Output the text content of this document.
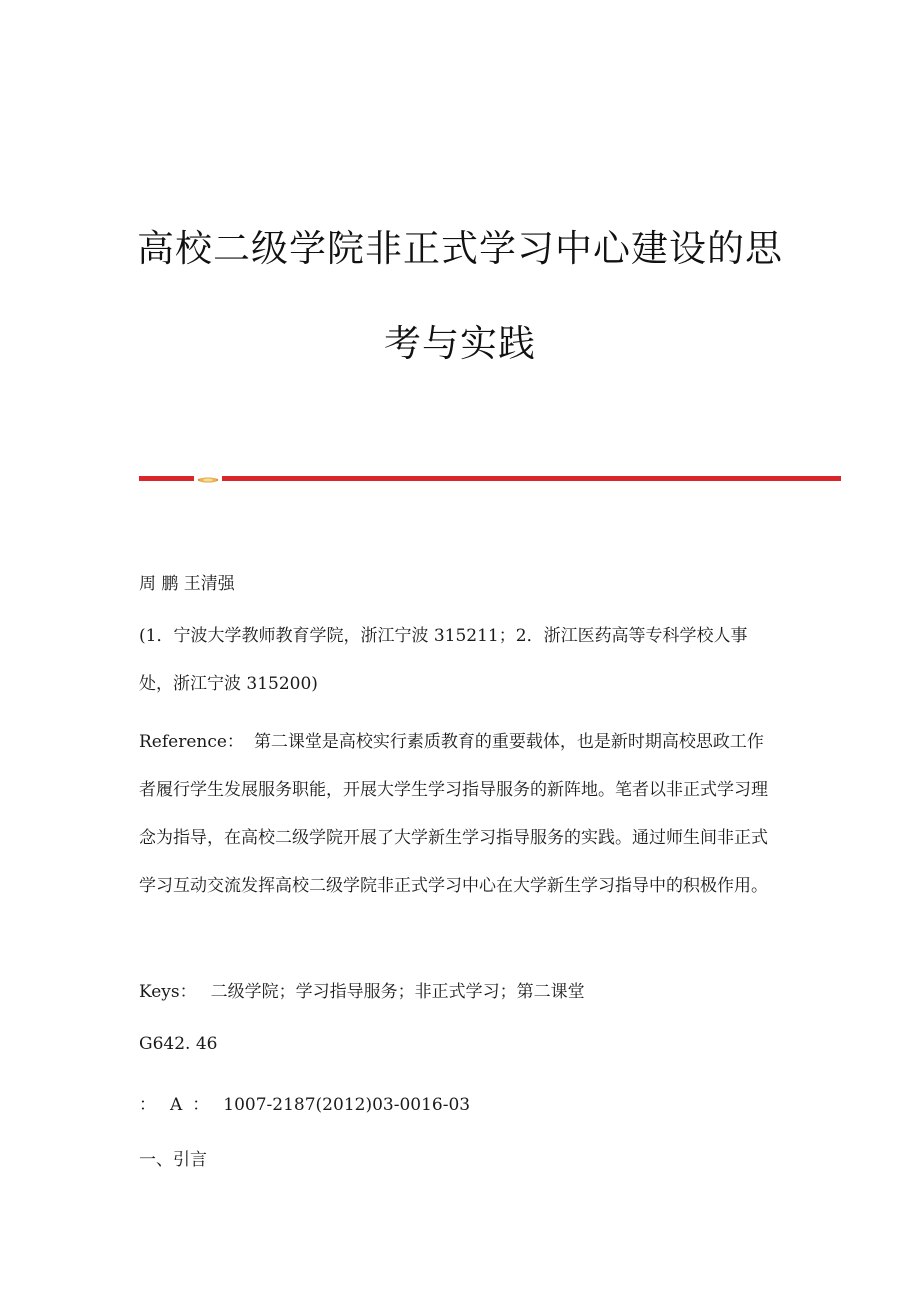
高校二级学院非正式学习中心建设的思
考与实践

周 鹏 王清强

(1．宁波大学教师教育学院，浙江宁波 315211；2．浙江医药高等专科学校人事处，浙江宁波 315200)

Reference： 第二课堂是高校实行素质教育的重要载体，也是新时期高校思政工作者履行学生发展服务职能，开展大学生学习指导服务的新阵地。笔者以非正式学习理念为指导，在高校二级学院开展了大学新生学习指导服务的实践。通过师生间非正式学习互动交流发挥高校二级学院非正式学习中心在大学新生学习指导中的积极作用。

Keys： 二级学院；学习指导服务；非正式学习；第二课堂

G642. 46

： A ： 1007-2187(2012)03-0016-03

一、引言
